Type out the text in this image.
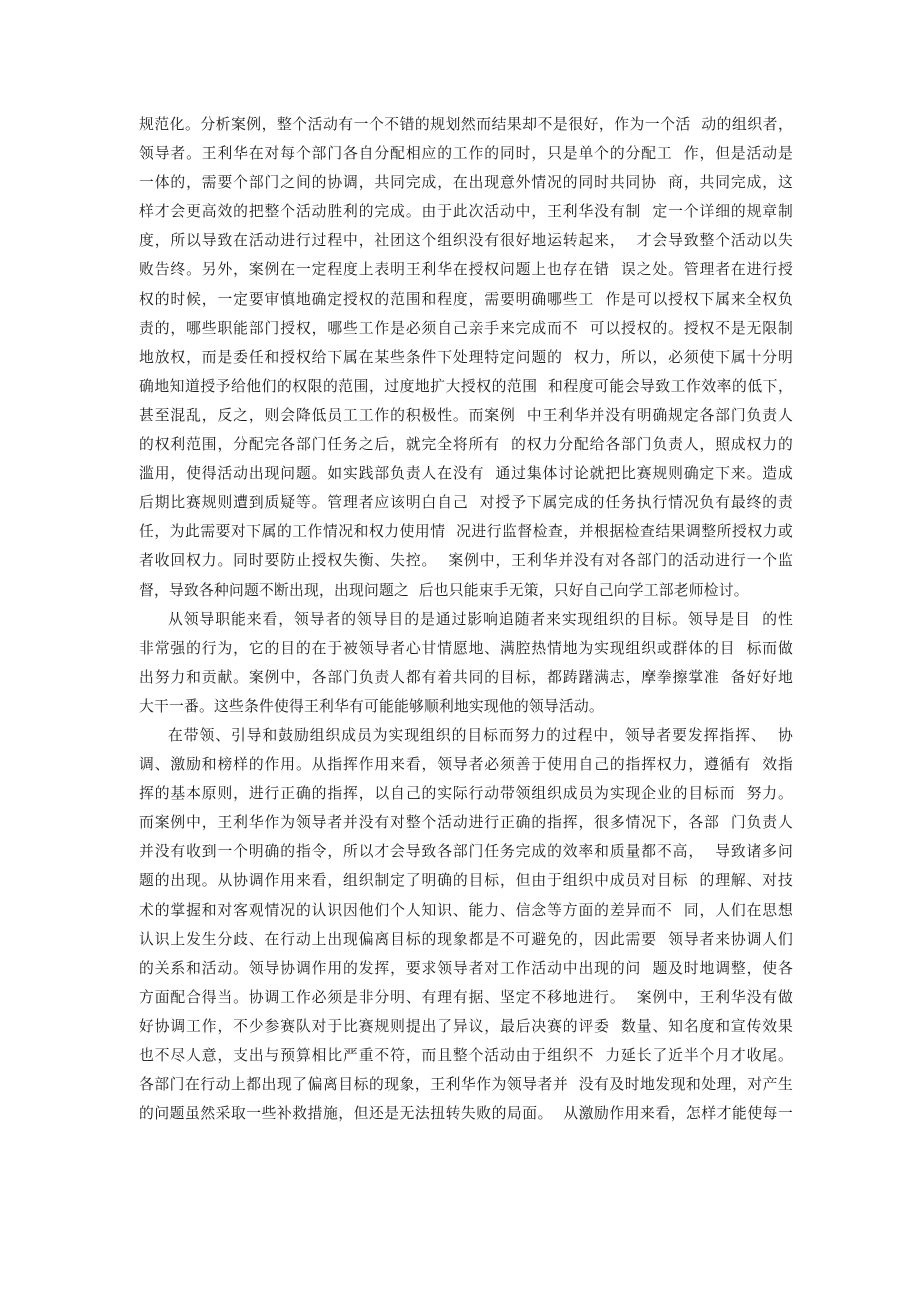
规范化。分析案例，整个活动有一个不错的规划然而结果却不是很好，作为一个活  动的组织者，
领导者。王利华在对每个部门各自分配相应的工作的同时，只是单个的分配工  作，但是活动是
一体的，需要个部门之间的协调，共同完成，在出现意外情况的同时共同协  商，共同完成，这
样才会更高效的把整个活动胜利的完成。由于此次活动中，王利华没有制  定一个详细的规章制
度，所以导致在活动进行过程中，社团这个组织没有很好地运转起来，  才会导致整个活动以失
败告终。另外，案例在一定程度上表明王利华在授权问题上也存在错  误之处。管理者在进行授
权的时候，一定要审慎地确定授权的范围和程度，需要明确哪些工  作是可以授权下属来全权负
责的，哪些职能部门授权，哪些工作是必须自己亲手来完成而不  可以授权的。授权不是无限制
地放权，而是委任和授权给下属在某些条件下处理特定问题的  权力，所以，必须使下属十分明
确地知道授予给他们的权限的范围，过度地扩大授权的范围  和程度可能会导致工作效率的低下，
甚至混乱，反之，则会降低员工工作的积极性。而案例  中王利华并没有明确规定各部门负责人
的权利范围，分配完各部门任务之后，就完全将所有  的权力分配给各部门负责人，照成权力的
滥用，使得活动出现问题。如实践部负责人在没有  通过集体讨论就把比赛规则确定下来。造成
后期比赛规则遭到质疑等。管理者应该明白自己  对授予下属完成的任务执行情况负有最终的责
任，为此需要对下属的工作情况和权力使用情  况进行监督检查，并根据检查结果调整所授权力或
者收回权力。同时要防止授权失衡、失控。  案例中，王利华并没有对各部门的活动进行一个监
督，导致各种问题不断出现，出现问题之  后也只能束手无策，只好自己向学工部老师检讨。
从领导职能来看，领导者的领导目的是通过影响追随者来实现组织的目标。领导是目  的性
非常强的行为，它的目的在于被领导者心甘情愿地、满腔热情地为实现组织或群体的目  标而做
出努力和贡献。案例中，各部门负责人都有着共同的目标，都踌躇满志，摩拳擦掌准  备好好地
大干一番。这些条件使得王利华有可能能够顺利地实现他的领导活动。
在带领、引导和鼓励组织成员为实现组织的目标而努力的过程中，领导者要发挥指挥、  协
调、激励和榜样的作用。从指挥作用来看，领导者必须善于使用自己的指挥权力，遵循有  效指
挥的基本原则，进行正确的指挥，以自己的实际行动带领组织成员为实现企业的目标而  努力。
而案例中，王利华作为领导者并没有对整个活动进行正确的指挥，很多情况下，各部  门负责人
并没有收到一个明确的指令，所以才会导致各部门任务完成的效率和质量都不高，  导致诸多问
题的出现。从协调作用来看，组织制定了明确的目标，但由于组织中成员对目标  的理解、对技
术的掌握和对客观情况的认识因他们个人知识、能力、信念等方面的差异而不  同，人们在思想
认识上发生分歧、在行动上出现偏离目标的现象都是不可避免的，因此需要  领导者来协调人们
的关系和活动。领导协调作用的发挥，要求领导者对工作活动中出现的问  题及时地调整，使各
方面配合得当。协调工作必须是非分明、有理有据、坚定不移地进行。  案例中，王利华没有做
好协调工作，不少参赛队对于比赛规则提出了异议，最后决赛的评委  数量、知名度和宣传效果
也不尽人意，支出与预算相比严重不符，而且整个活动由于组织不  力延长了近半个月才收尾。
各部门在行动上都出现了偏离目标的现象，王利华作为领导者并  没有及时地发现和处理，对产生
的问题虽然采取一些补救措施，但还是无法扭转失败的局面。  从激励作用来看，怎样才能使每一
